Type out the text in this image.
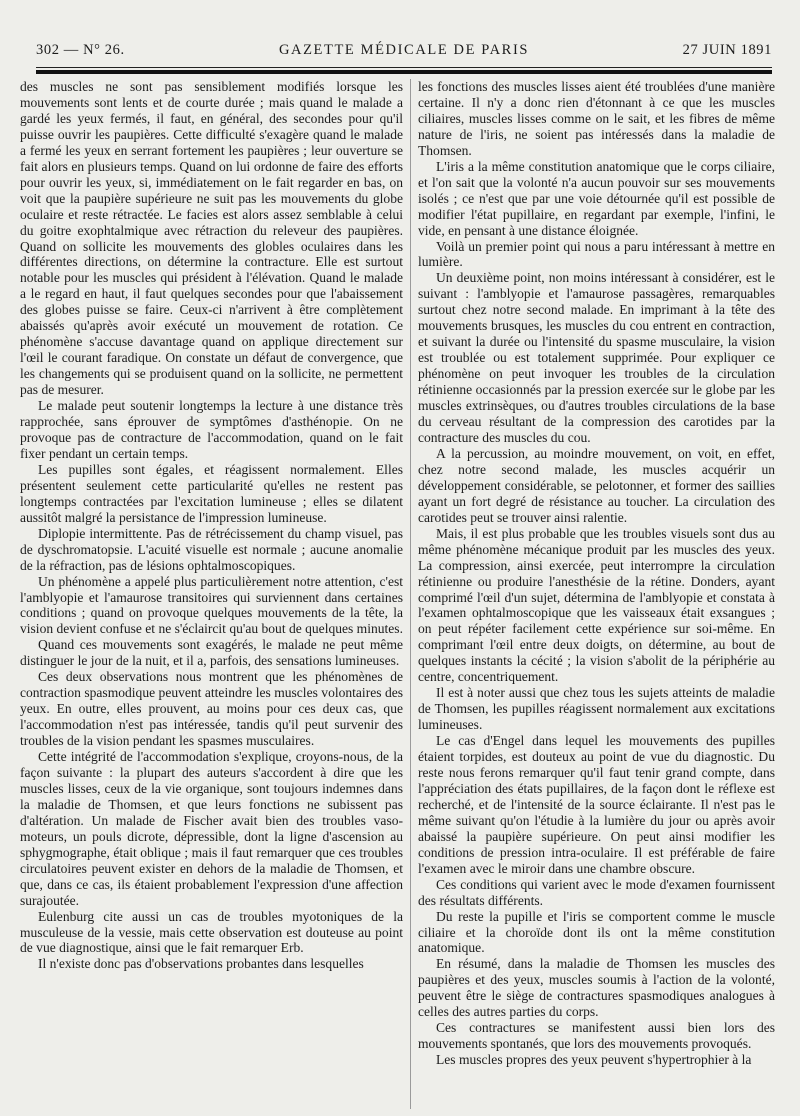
302 — N° 26.	GAZETTE MÉDICALE DE PARIS	27 JUIN 1891

des muscles ne sont pas sensiblement modifiés lorsque les mouvements sont lents et de courte durée ; mais quand le malade a gardé les yeux fermés, il faut, en général, des secondes pour qu'il puisse ouvrir les paupières. Cette difficulté s'exagère quand le malade a fermé les yeux en serrant fortement les paupières ; leur ouverture se fait alors en plusieurs temps. Quand on lui ordonne de faire des efforts pour ouvrir les yeux, si, immédiatement on le fait regarder en bas, on voit que la paupière supérieure ne suit pas les mouvements du globe oculaire et reste rétractée. Le facies est alors assez semblable à celui du goitre exophtalmique avec rétraction du releveur des paupières. Quand on sollicite les mouvements des globles oculaires dans les différentes directions, on détermine la contracture. Elle est surtout notable pour les muscles qui président à l'élévation. Quand le malade a le regard en haut, il faut quelques secondes pour que l'abaissement des globes puisse se faire. Ceux-ci n'arrivent à être complètement abaissés qu'après avoir exécuté un mouvement de rotation. Ce phénomène s'accuse davantage quand on applique directement sur l'œil le courant faradique. On constate un défaut de convergence, que les changements qui se produisent quand on la sollicite, ne permettent pas de mesurer.

Le malade peut soutenir longtemps la lecture à une distance très rapprochée, sans éprouver de symptômes d'asthénopie. On ne provoque pas de contracture de l'accommodation, quand on le fait fixer pendant un certain temps.

Les pupilles sont égales, et réagissent normalement. Elles présentent seulement cette particularité qu'elles ne restent pas longtemps contractées par l'excitation lumineuse ; elles se dilatent aussitôt malgré la persistance de l'impression lumineuse.

Diplopie intermittente. Pas de rétrécissement du champ visuel, pas de dyschromatopsie. L'acuité visuelle est normale ; aucune anomalie de la réfraction, pas de lésions ophtalmoscopiques.

Un phénomène a appelé plus particulièrement notre attention, c'est l'amblyopie et l'amaurose transitoires qui surviennent dans certaines conditions ; quand on provoque quelques mouvements de la tête, la vision devient confuse et ne s'éclaircit qu'au bout de quelques minutes.

Quand ces mouvements sont exagérés, le malade ne peut même distinguer le jour de la nuit, et il a, parfois, des sensations lumineuses.

Ces deux observations nous montrent que les phénomènes de contraction spasmodique peuvent atteindre les muscles volontaires des yeux. En outre, elles prouvent, au moins pour ces deux cas, que l'accommodation n'est pas intéressée, tandis qu'il peut survenir des troubles de la vision pendant les spasmes musculaires.

Cette intégrité de l'accommodation s'explique, croyons-nous, de la façon suivante : la plupart des auteurs s'accordent à dire que les muscles lisses, ceux de la vie organique, sont toujours indemnes dans la maladie de Thomsen, et que leurs fonctions ne subissent pas d'altération. Un malade de Fischer avait bien des troubles vaso-moteurs, un pouls dicrote, dépressible, dont la ligne d'ascension au sphygmographe, était oblique ; mais il faut remarquer que ces troubles circulatoires peuvent exister en dehors de la maladie de Thomsen, et que, dans ce cas, ils étaient probablement l'expression d'une affection surajoutée.

Eulenburg cite aussi un cas de troubles myotoniques de la musculeuse de la vessie, mais cette observation est douteuse au point de vue diagnostique, ainsi que le fait remarquer Erb.

Il n'existe donc pas d'observations probantes dans lesquelles

les fonctions des muscles lisses aient été troublées d'une manière certaine. Il n'y a donc rien d'étonnant à ce que les muscles ciliaires, muscles lisses comme on le sait, et les fibres de même nature de l'iris, ne soient pas intéressés dans la maladie de Thomsen.

L'iris a la même constitution anatomique que le corps ciliaire, et l'on sait que la volonté n'a aucun pouvoir sur ses mouvements isolés ; ce n'est que par une voie détournée qu'il est possible de modifier l'état pupillaire, en regardant par exemple, l'infini, le vide, en pensant à une distance éloignée.

Voilà un premier point qui nous a paru intéressant à mettre en lumière.

Un deuxième point, non moins intéressant à considérer, est le suivant : l'amblyopie et l'amaurose passagères, remarquables surtout chez notre second malade. En imprimant à la tête des mouvements brusques, les muscles du cou entrent en contraction, et suivant la durée ou l'intensité du spasme musculaire, la vision est troublée ou est totalement supprimée. Pour expliquer ce phénomène on peut invoquer les troubles de la circulation rétinienne occasionnés par la pression exercée sur le globe par les muscles extrinsèques, ou d'autres troubles circulations de la base du cerveau résultant de la compression des carotides par la contracture des muscles du cou.

A la percussion, au moindre mouvement, on voit, en effet, chez notre second malade, les muscles acquérir un développement considérable, se pelotonner, et former des saillies ayant un fort degré de résistance au toucher. La circulation des carotides peut se trouver ainsi ralentie.

Mais, il est plus probable que les troubles visuels sont dus au même phénomène mécanique produit par les muscles des yeux. La compression, ainsi exercée, peut interrompre la circulation rétinienne ou produire l'anesthésie de la rétine. Donders, ayant comprimé l'œil d'un sujet, détermina de l'amblyopie et constata à l'examen ophtalmoscopique que les vaisseaux était exsangues ; on peut répéter facilement cette expérience sur soi-même. En comprimant l'œil entre deux doigts, on détermine, au bout de quelques instants la cécité ; la vision s'abolit de la périphérie au centre, concentriquement.

Il est à noter aussi que chez tous les sujets atteints de maladie de Thomsen, les pupilles réagissent normalement aux excitations lumineuses.

Le cas d'Engel dans lequel les mouvements des pupilles étaient torpides, est douteux au point de vue du diagnostic. Du reste nous ferons remarquer qu'il faut tenir grand compte, dans l'appréciation des états pupillaires, de la façon dont le réflexe est recherché, et de l'intensité de la source éclairante. Il n'est pas le même suivant qu'on l'étudie à la lumière du jour ou après avoir abaissé la paupière supérieure. On peut ainsi modifier les conditions de pression intra-oculaire. Il est préférable de faire l'examen avec le miroir dans une chambre obscure.

Ces conditions qui varient avec le mode d'examen fournissent des résultats différents.

Du reste la pupille et l'iris se comportent comme le muscle ciliaire et la choroïde dont ils ont la même constitution anatomique.

En résumé, dans la maladie de Thomsen les muscles des paupières et des yeux, muscles soumis à l'action de la volonté, peuvent être le siège de contractures spasmodiques analogues à celles des autres parties du corps.

Ces contractures se manifestent aussi bien lors des mouvements spontanés, que lors des mouvements provoqués.

Les muscles propres des yeux peuvent s'hypertrophier à la
